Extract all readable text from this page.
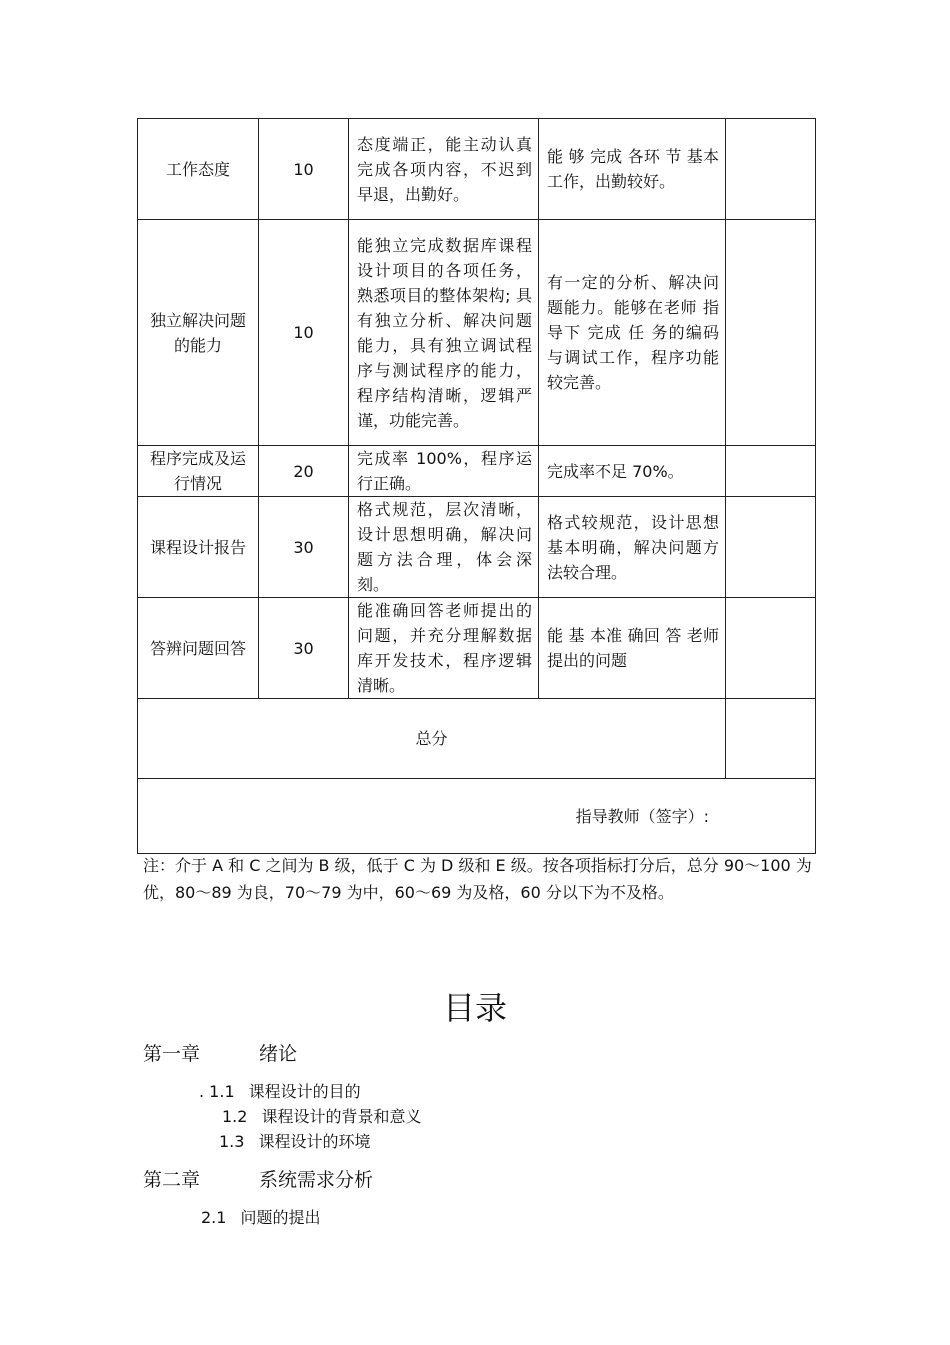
工作态度	10	态度端正，能主动认真完成各项内容，不迟到早退，出勤好。	能 够 完成 各环 节 基本工作，出勤较好。	
独立解决问题的能力	10	能独立完成数据库课程设计项目的各项任务，熟悉项目的整体架构; 具有独立分析、解决问题能力，具有独立调试程序与测试程序的能力，程序结构清晰，逻辑严谨，功能完善。	有一定的分析、解决问题能力。能够在老师 指 导下 完成 任 务的编码与调试工作，程序功能较完善。	
程序完成及运行情况	20	完成率 100%，程序运行正确。	完成率不足 70%。	
课程设计报告	30	格式规范，层次清晰，设计思想明确，解决问题方法合理，体会深刻。	格式较规范，设计思想基本明确，解决问题方法较合理。	
答辨问题回答	30	能准确回答老师提出的问题，并充分理解数据库开发技术，程序逻辑清晰。	能 基 本准 确回 答 老师提出的问题	
总分				
指导教师（签字）:				

注：介于 A 和 C 之间为 B 级，低于 C 为 D 级和 E 级。按各项指标打分后，总分 90～100 为优，80～89 为良，70～79 为中，60～69 为及格，60 分以下为不及格。

目录
第一章	绪论
. 1.1 课程设计的目的
1.2 课程设计的背景和意义
1.3 课程设计的环境
第二章	系统需求分析
2.1 问题的提出
